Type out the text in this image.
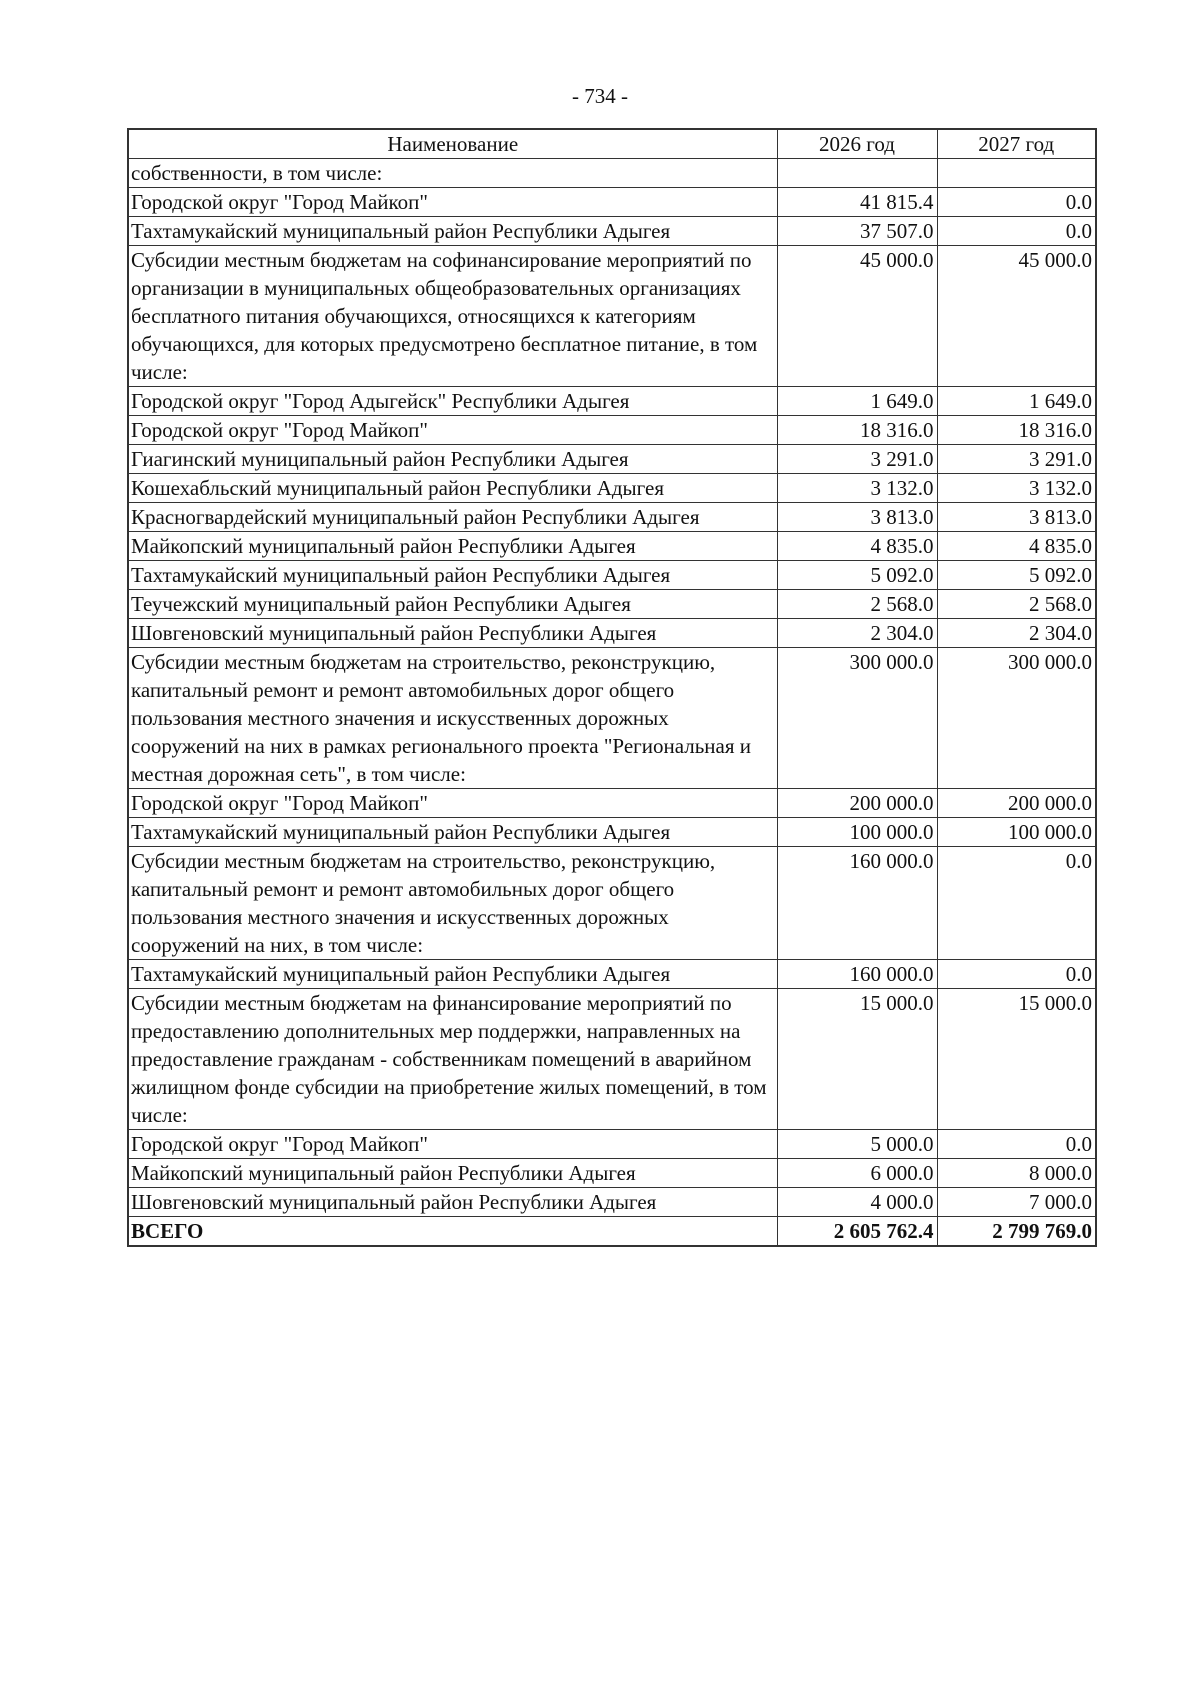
- 734 -
Наименование	2026 год	2027 год
собственности, в том числе:		
Городской округ "Город Майкоп"	41 815.4	0.0
Тахтамукайский муниципальный район Республики Адыгея	37 507.0	0.0
Субсидии местным бюджетам на софинансирование мероприятий по организации в муниципальных общеобразовательных организациях бесплатного питания обучающихся, относящихся к категориям обучающихся, для которых предусмотрено бесплатное питание, в том числе:	45 000.0	45 000.0
Городской округ "Город Адыгейск" Республики Адыгея	1 649.0	1 649.0
Городской округ "Город Майкоп"	18 316.0	18 316.0
Гиагинский муниципальный район Республики Адыгея	3 291.0	3 291.0
Кошехабльский муниципальный район Республики Адыгея	3 132.0	3 132.0
Красногвардейский муниципальный район Республики Адыгея	3 813.0	3 813.0
Майкопский муниципальный район Республики Адыгея	4 835.0	4 835.0
Тахтамукайский муниципальный район Республики Адыгея	5 092.0	5 092.0
Теучежский муниципальный район Республики Адыгея	2 568.0	2 568.0
Шовгеновский муниципальный район Республики Адыгея	2 304.0	2 304.0
Субсидии местным бюджетам на строительство, реконструкцию, капитальный ремонт и ремонт автомобильных дорог общего пользования местного значения и искусственных дорожных сооружений на них в рамках регионального проекта "Региональная и местная дорожная сеть", в том числе:	300 000.0	300 000.0
Городской округ "Город Майкоп"	200 000.0	200 000.0
Тахтамукайский муниципальный район Республики Адыгея	100 000.0	100 000.0
Субсидии местным бюджетам на строительство, реконструкцию, капитальный ремонт и ремонт автомобильных дорог общего пользования местного значения и искусственных дорожных сооружений на них, в том числе:	160 000.0	0.0
Тахтамукайский муниципальный район Республики Адыгея	160 000.0	0.0
Субсидии местным бюджетам на финансирование мероприятий по предоставлению дополнительных мер поддержки, направленных на предоставление гражданам - собственникам помещений в аварийном жилищном фонде субсидии на приобретение жилых помещений, в том числе:	15 000.0	15 000.0
Городской округ "Город Майкоп"	5 000.0	0.0
Майкопский муниципальный район Республики Адыгея	6 000.0	8 000.0
Шовгеновский муниципальный район Республики Адыгея	4 000.0	7 000.0
ВСЕГО	2 605 762.4	2 799 769.0
